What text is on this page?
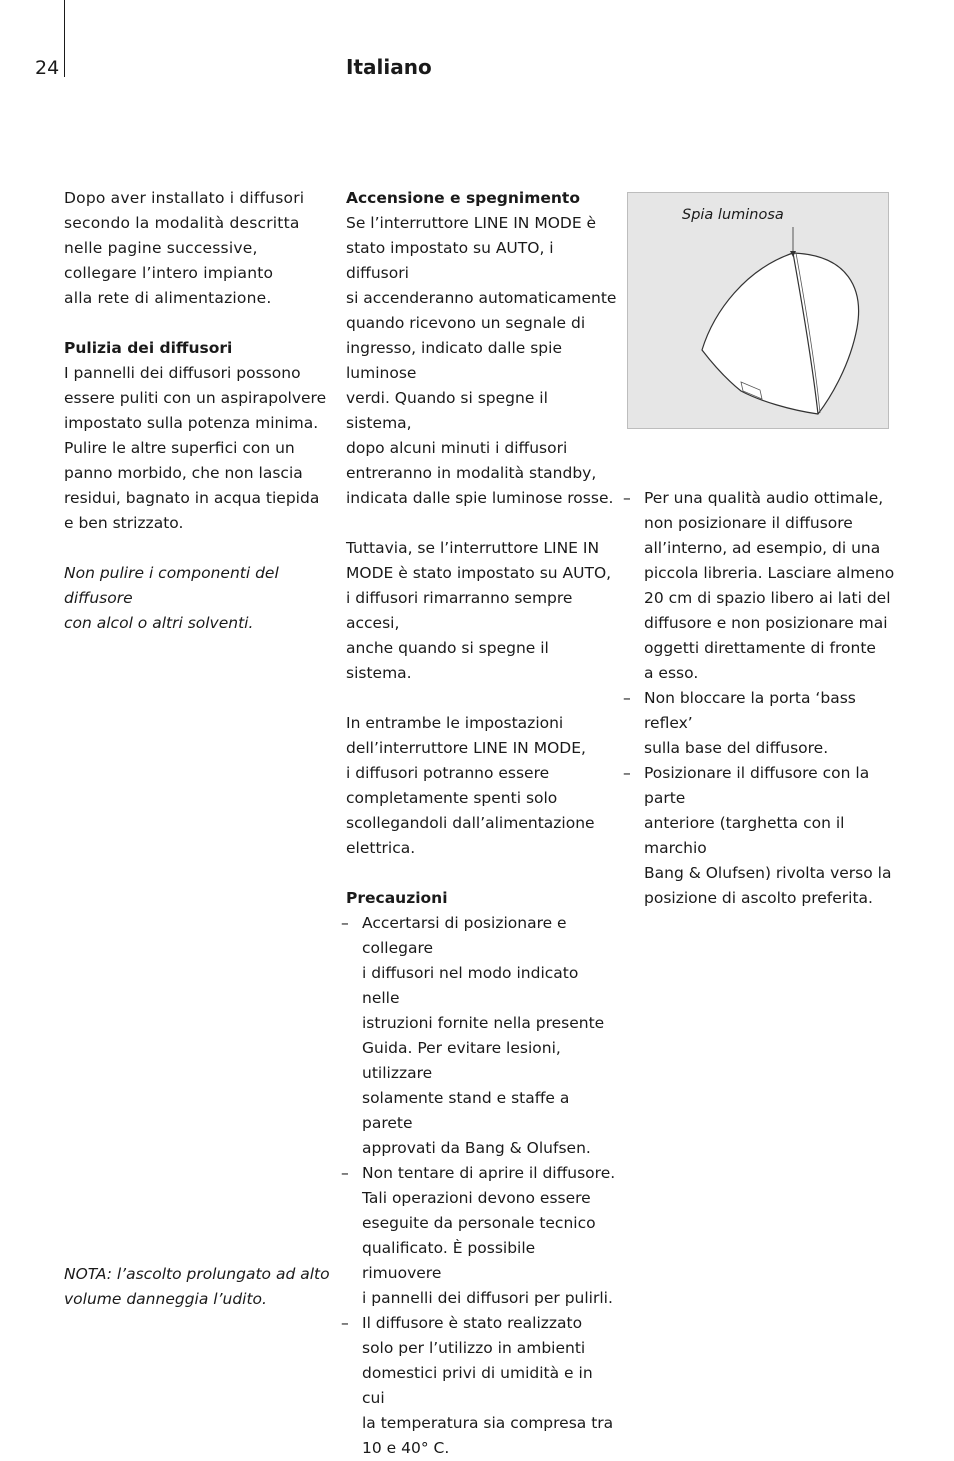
24	Italiano

Dopo aver installato i diffusori

secondo la modalità descritta

nelle pagine successive,

collegare l’intero impianto

alla rete di alimentazione.

Pulizia dei diffusori

I pannelli dei diffusori possono

essere puliti con un aspirapolvere

impostato sulla potenza minima.

Pulire le altre superfici con un

panno morbido, che non lascia

residui, bagnato in acqua tiepida

e ben strizzato.

Non pulire i componenti del diffusore

con alcol o altri solventi.

Accensione e spegnimento

Se l’interruttore LINE IN MODE è

stato impostato su AUTO, i diffusori

si accenderanno automaticamente

quando ricevono un segnale di

ingresso, indicato dalle spie luminose

verdi. Quando si spegne il sistema,

dopo alcuni minuti i diffusori

entreranno in modalità standby,

indicata dalle spie luminose rosse.

Tuttavia, se l’interruttore LINE IN

MODE è stato impostato su AUTO,

i diffusori rimarranno sempre accesi,

anche quando si spegne il sistema.

In entrambe le impostazioni

dell’interruttore LINE IN MODE,

i diffusori potranno essere

completamente spenti solo

scollegandoli dall’alimentazione

elettrica.

Precauzioni

– Accertarsi di posizionare e collegare

i diffusori nel modo indicato nelle

istruzioni fornite nella presente

Guida. Per evitare lesioni, utilizzare

solamente stand e staffe a parete

approvati da Bang & Olufsen.

– Non tentare di aprire il diffusore.

Tali operazioni devono essere

eseguite da personale tecnico

qualificato. È possibile rimuovere

i pannelli dei diffusori per pulirli.

– Il diffusore è stato realizzato

solo per l’utilizzo in ambienti

domestici privi di umidità e in cui

la temperatura sia compresa tra

10 e 40° C.

Spia luminosa

– Per una qualità audio ottimale,

non posizionare il diffusore

all’interno, ad esempio, di una

piccola libreria. Lasciare almeno

20 cm di spazio libero ai lati del

diffusore e non posizionare mai

oggetti direttamente di fronte

a esso.

– Non bloccare la porta ‘bass reflex’

sulla base del diffusore.

– Posizionare il diffusore con la parte

anteriore (targhetta con il marchio

Bang & Olufsen) rivolta verso la

posizione di ascolto preferita.

NOTA: l’ascolto prolungato ad alto

volume danneggia l’udito.
